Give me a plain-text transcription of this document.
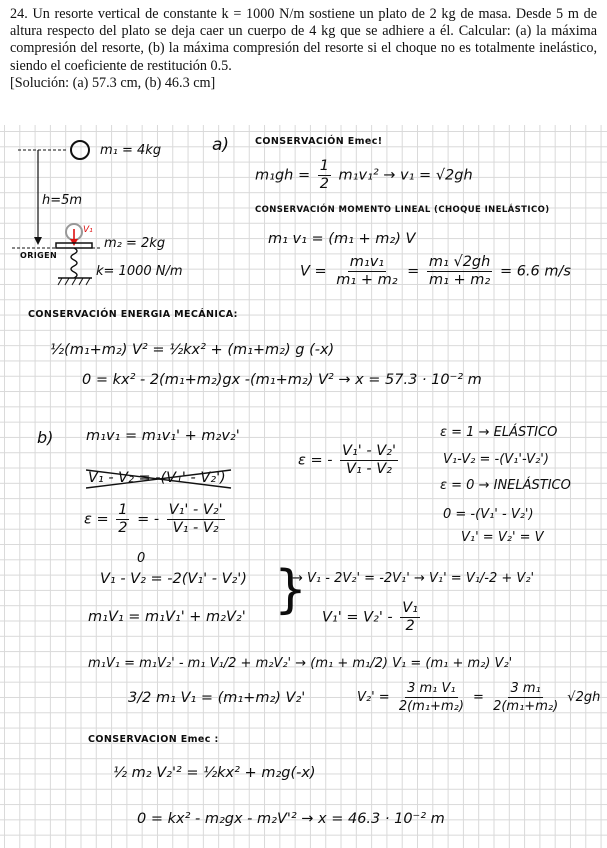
24. Un resorte vertical de constante k = 1000 N/m sostiene un plato de 2 kg de masa. Desde 5 m de altura respecto del plato se deja caer un cuerpo de 4 kg que se adhiere a él. Calcular: (a) la máxima compresión del resorte, (b) la máxima compresión del resorte si el choque no es totalmente inelástico, siendo el coeficiente de restitución 0.5.
[Solución: (a) 57.3 cm, (b) 46.3 cm]
m₁ = 4kg
h=5m
V₁
m₂ = 2kg
ORIGEN
k= 1000 N/m
a)	CONSERVACIÓN Emec!
$m_1gh = \frac{1}{2} m_1v_1^2 \to v_1 = √2gh$
CONSERVACIÓN MOMENTO LINEAL (CHOQUE INELÁSTICO)
m₁ v₁ = (m₁ + m₂) V
$V = \frac{\text{m₁v₁}}{\text{m₁ + m₂}} = \frac{\text{m₁ √2gh}}{\text{m₁ + m₂}} = 6.6$ m/s
CONSERVACIÓN ENERGIA MECÁNICA:
½(m₁+m₂) V² = ½kx² + (m₁+m₂) g (-x)
0 = kx² - 2(m₁+m₂)gx -(m₁+m₂) V² → x = 57.3 · 10⁻² m
b) m₁v₁ = m₁v₁' + m₂v₂'
ε = - $\frac{\text{V₁' - V₂'}}{\text{V₁ - V₂}}$
ε = 1 → ELÁSTICO
V₁-V₂ = -(V₁'-V₂')
ε = 0 → INELÁSTICO
0 = -(V₁' - V₂')
V₁' = V₂' = V
V₁ - V₂ = -(V₁' - V₂')
$\varepsilon = \frac{1}{2}$ = - $\frac{\text{V₁' - V₂'}}{\text{V₁ - V₂}}$
0
V₁ - V₂ = -2(V₁' - V₂')
m₁V₁ = m₁V₁' + m₂V₂' }
→ V₁ - 2V₂' = -2V₁' → V₁' = V₁/-2 + V₂'
$V_1' = V_2' - \frac{\text{V₁}}{2}$
m₁V₁ = m₁V₂' - m₁ V₁/2 + m₂V₂' → (m₁ + m₁/2) V₁ = (m₁ + m₂) V₂'
3/2 m₁ V₁ = (m₁+m₂) V₂'	$V_2' = \frac{\text{3 m₁ V₁}}{\text{2(m₁+m₂)}} = \frac{\text{3 m₁}}{\text{2(m₁+m₂)}} √2gh$
CONSERVACION Emec :
½ m₂ V₂'² = ½kx² + m₂g(-x)
0 = kx² - m₂gx - m₂V'² → x = 46.3 · 10⁻² m
